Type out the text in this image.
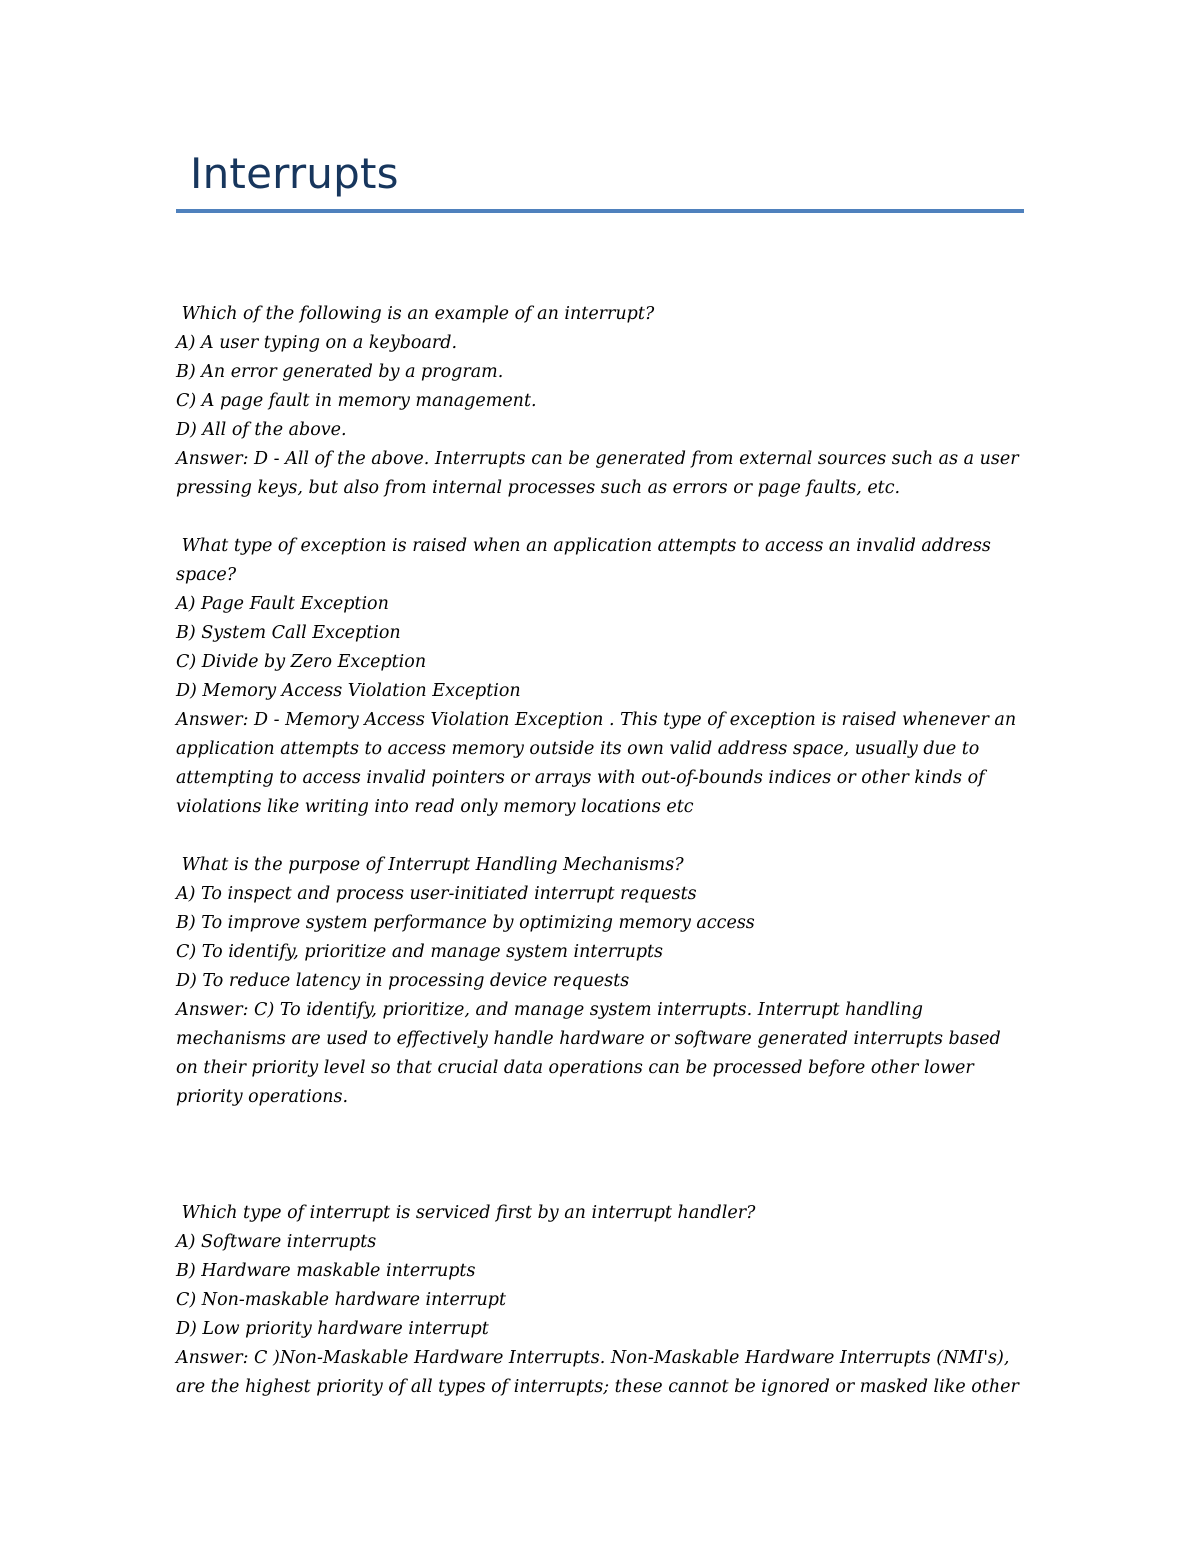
Interrupts
Which of the following is an example of an interrupt?
A) A user typing on a keyboard.
B) An error generated by a program.
C) A page fault in memory management.
D) All of the above.
Answer: D - All of the above. Interrupts can be generated from external sources such as a user
pressing keys, but also from internal processes such as errors or page faults, etc.
What type of exception is raised when an application attempts to access an invalid address
space?
A) Page Fault Exception
B) System Call Exception
C) Divide by Zero Exception
D) Memory Access Violation Exception
Answer: D - Memory Access Violation Exception . This type of exception is raised whenever an
application attempts to access memory outside its own valid address space, usually due to
attempting to access invalid pointers or arrays with out-of-bounds indices or other kinds of
violations like writing into read only memory locations etc
What is the purpose of Interrupt Handling Mechanisms?
A) To inspect and process user-initiated interrupt requests
B) To improve system performance by optimizing memory access
C) To identify, prioritize and manage system interrupts
D) To reduce latency in processing device requests
Answer: C) To identify, prioritize, and manage system interrupts. Interrupt handling
mechanisms are used to effectively handle hardware or software generated interrupts based
on their priority level so that crucial data operations can be processed before other lower
priority operations.
Which type of interrupt is serviced first by an interrupt handler?
A) Software interrupts
B) Hardware maskable interrupts
C) Non-maskable hardware interrupt
D) Low priority hardware interrupt
Answer: C )Non-Maskable Hardware Interrupts. Non-Maskable Hardware Interrupts (NMI's),
are the highest priority of all types of interrupts; these cannot be ignored or masked like other
